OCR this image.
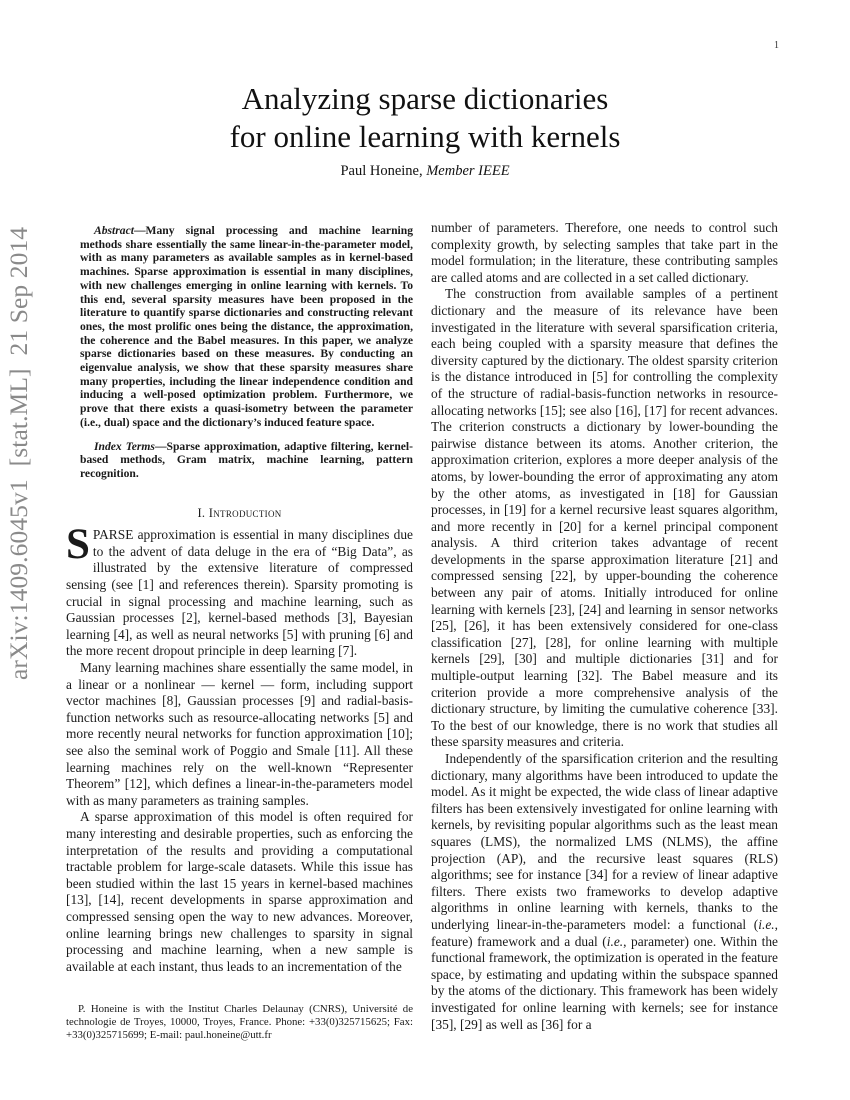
1
arXiv:1409.6045v1  [stat.ML]  21 Sep 2014
Analyzing sparse dictionaries
for online learning with kernels
Paul Honeine, Member IEEE

Abstract—Many signal processing and machine learning methods share essentially the same linear-in-the-parameter model, with as many parameters as available samples as in kernel-based machines. Sparse approximation is essential in many disciplines, with new challenges emerging in online learning with kernels. To this end, several sparsity measures have been proposed in the literature to quantify sparse dictionaries and constructing relevant ones, the most prolific ones being the distance, the approximation, the coherence and the Babel measures. In this paper, we analyze sparse dictionaries based on these measures. By conducting an eigenvalue analysis, we show that these sparsity measures share many properties, including the linear independence condition and inducing a well-posed optimization problem. Furthermore, we prove that there exists a quasi-isometry between the parameter (i.e., dual) space and the dictionary’s induced feature space.

Index Terms—Sparse approximation, adaptive filtering, kernel-based methods, Gram matrix, machine learning, pattern recognition.

I. Introduction

SPARSE approximation is essential in many disciplines due to the advent of data deluge in the era of “Big Data”, as illustrated by the extensive literature of compressed sensing (see [1] and references therein). Sparsity promoting is crucial in signal processing and machine learning, such as Gaussian processes [2], kernel-based methods [3], Bayesian learning [4], as well as neural networks [5] with pruning [6] and the more recent dropout principle in deep learning [7].

Many learning machines share essentially the same model, in a linear or a nonlinear — kernel — form, including support vector machines [8], Gaussian processes [9] and radial-basis-function networks such as resource-allocating networks [5] and more recently neural networks for function approximation [10]; see also the seminal work of Poggio and Smale [11]. All these learning machines rely on the well-known “Representer Theorem” [12], which defines a linear-in-the-parameters model with as many parameters as training samples.

A sparse approximation of this model is often required for many interesting and desirable properties, such as enforcing the interpretation of the results and providing a computational tractable problem for large-scale datasets. While this issue has been studied within the last 15 years in kernel-based machines [13], [14], recent developments in sparse approximation and compressed sensing open the way to new advances. Moreover, online learning brings new challenges to sparsity in signal processing and machine learning, when a new sample is available at each instant, thus leads to an incrementation of the

number of parameters. Therefore, one needs to control such complexity growth, by selecting samples that take part in the model formulation; in the literature, these contributing samples are called atoms and are collected in a set called dictionary.

The construction from available samples of a pertinent dictionary and the measure of its relevance have been investigated in the literature with several sparsification criteria, each being coupled with a sparsity measure that defines the diversity captured by the dictionary. The oldest sparsity criterion is the distance introduced in [5] for controlling the complexity of the structure of radial-basis-function networks in resource-allocating networks [15]; see also [16], [17] for recent advances. The criterion constructs a dictionary by lower-bounding the pairwise distance between its atoms. Another criterion, the approximation criterion, explores a more deeper analysis of the atoms, by lower-bounding the error of approximating any atom by the other atoms, as investigated in [18] for Gaussian processes, in [19] for a kernel recursive least squares algorithm, and more recently in [20] for a kernel principal component analysis. A third criterion takes advantage of recent developments in the sparse approximation literature [21] and compressed sensing [22], by upper-bounding the coherence between any pair of atoms. Initially introduced for online learning with kernels [23], [24] and learning in sensor networks [25], [26], it has been extensively considered for one-class classification [27], [28], for online learning with multiple kernels [29], [30] and multiple dictionaries [31] and for multiple-output learning [32]. The Babel measure and its criterion provide a more comprehensive analysis of the dictionary structure, by limiting the cumulative coherence [33]. To the best of our knowledge, there is no work that studies all these sparsity measures and criteria.

Independently of the sparsification criterion and the resulting dictionary, many algorithms have been introduced to update the model. As it might be expected, the wide class of linear adaptive filters has been extensively investigated for online learning with kernels, by revisiting popular algorithms such as the least mean squares (LMS), the normalized LMS (NLMS), the affine projection (AP), and the recursive least squares (RLS) algorithms; see for instance [34] for a review of linear adaptive filters. There exists two frameworks to develop adaptive algorithms in online learning with kernels, thanks to the underlying linear-in-the-parameters model: a functional (i.e., feature) framework and a dual (i.e., parameter) one. Within the functional framework, the optimization is operated in the feature space, by estimating and updating within the subspace spanned by the atoms of the dictionary. This framework has been widely investigated for online learning with kernels; see for instance [35], [29] as well as [36] for a

P. Honeine is with the Institut Charles Delaunay (CNRS), Université de technologie de Troyes, 10000, Troyes, France. Phone: +33(0)325715625; Fax: +33(0)325715699; E-mail: paul.honeine@utt.fr
